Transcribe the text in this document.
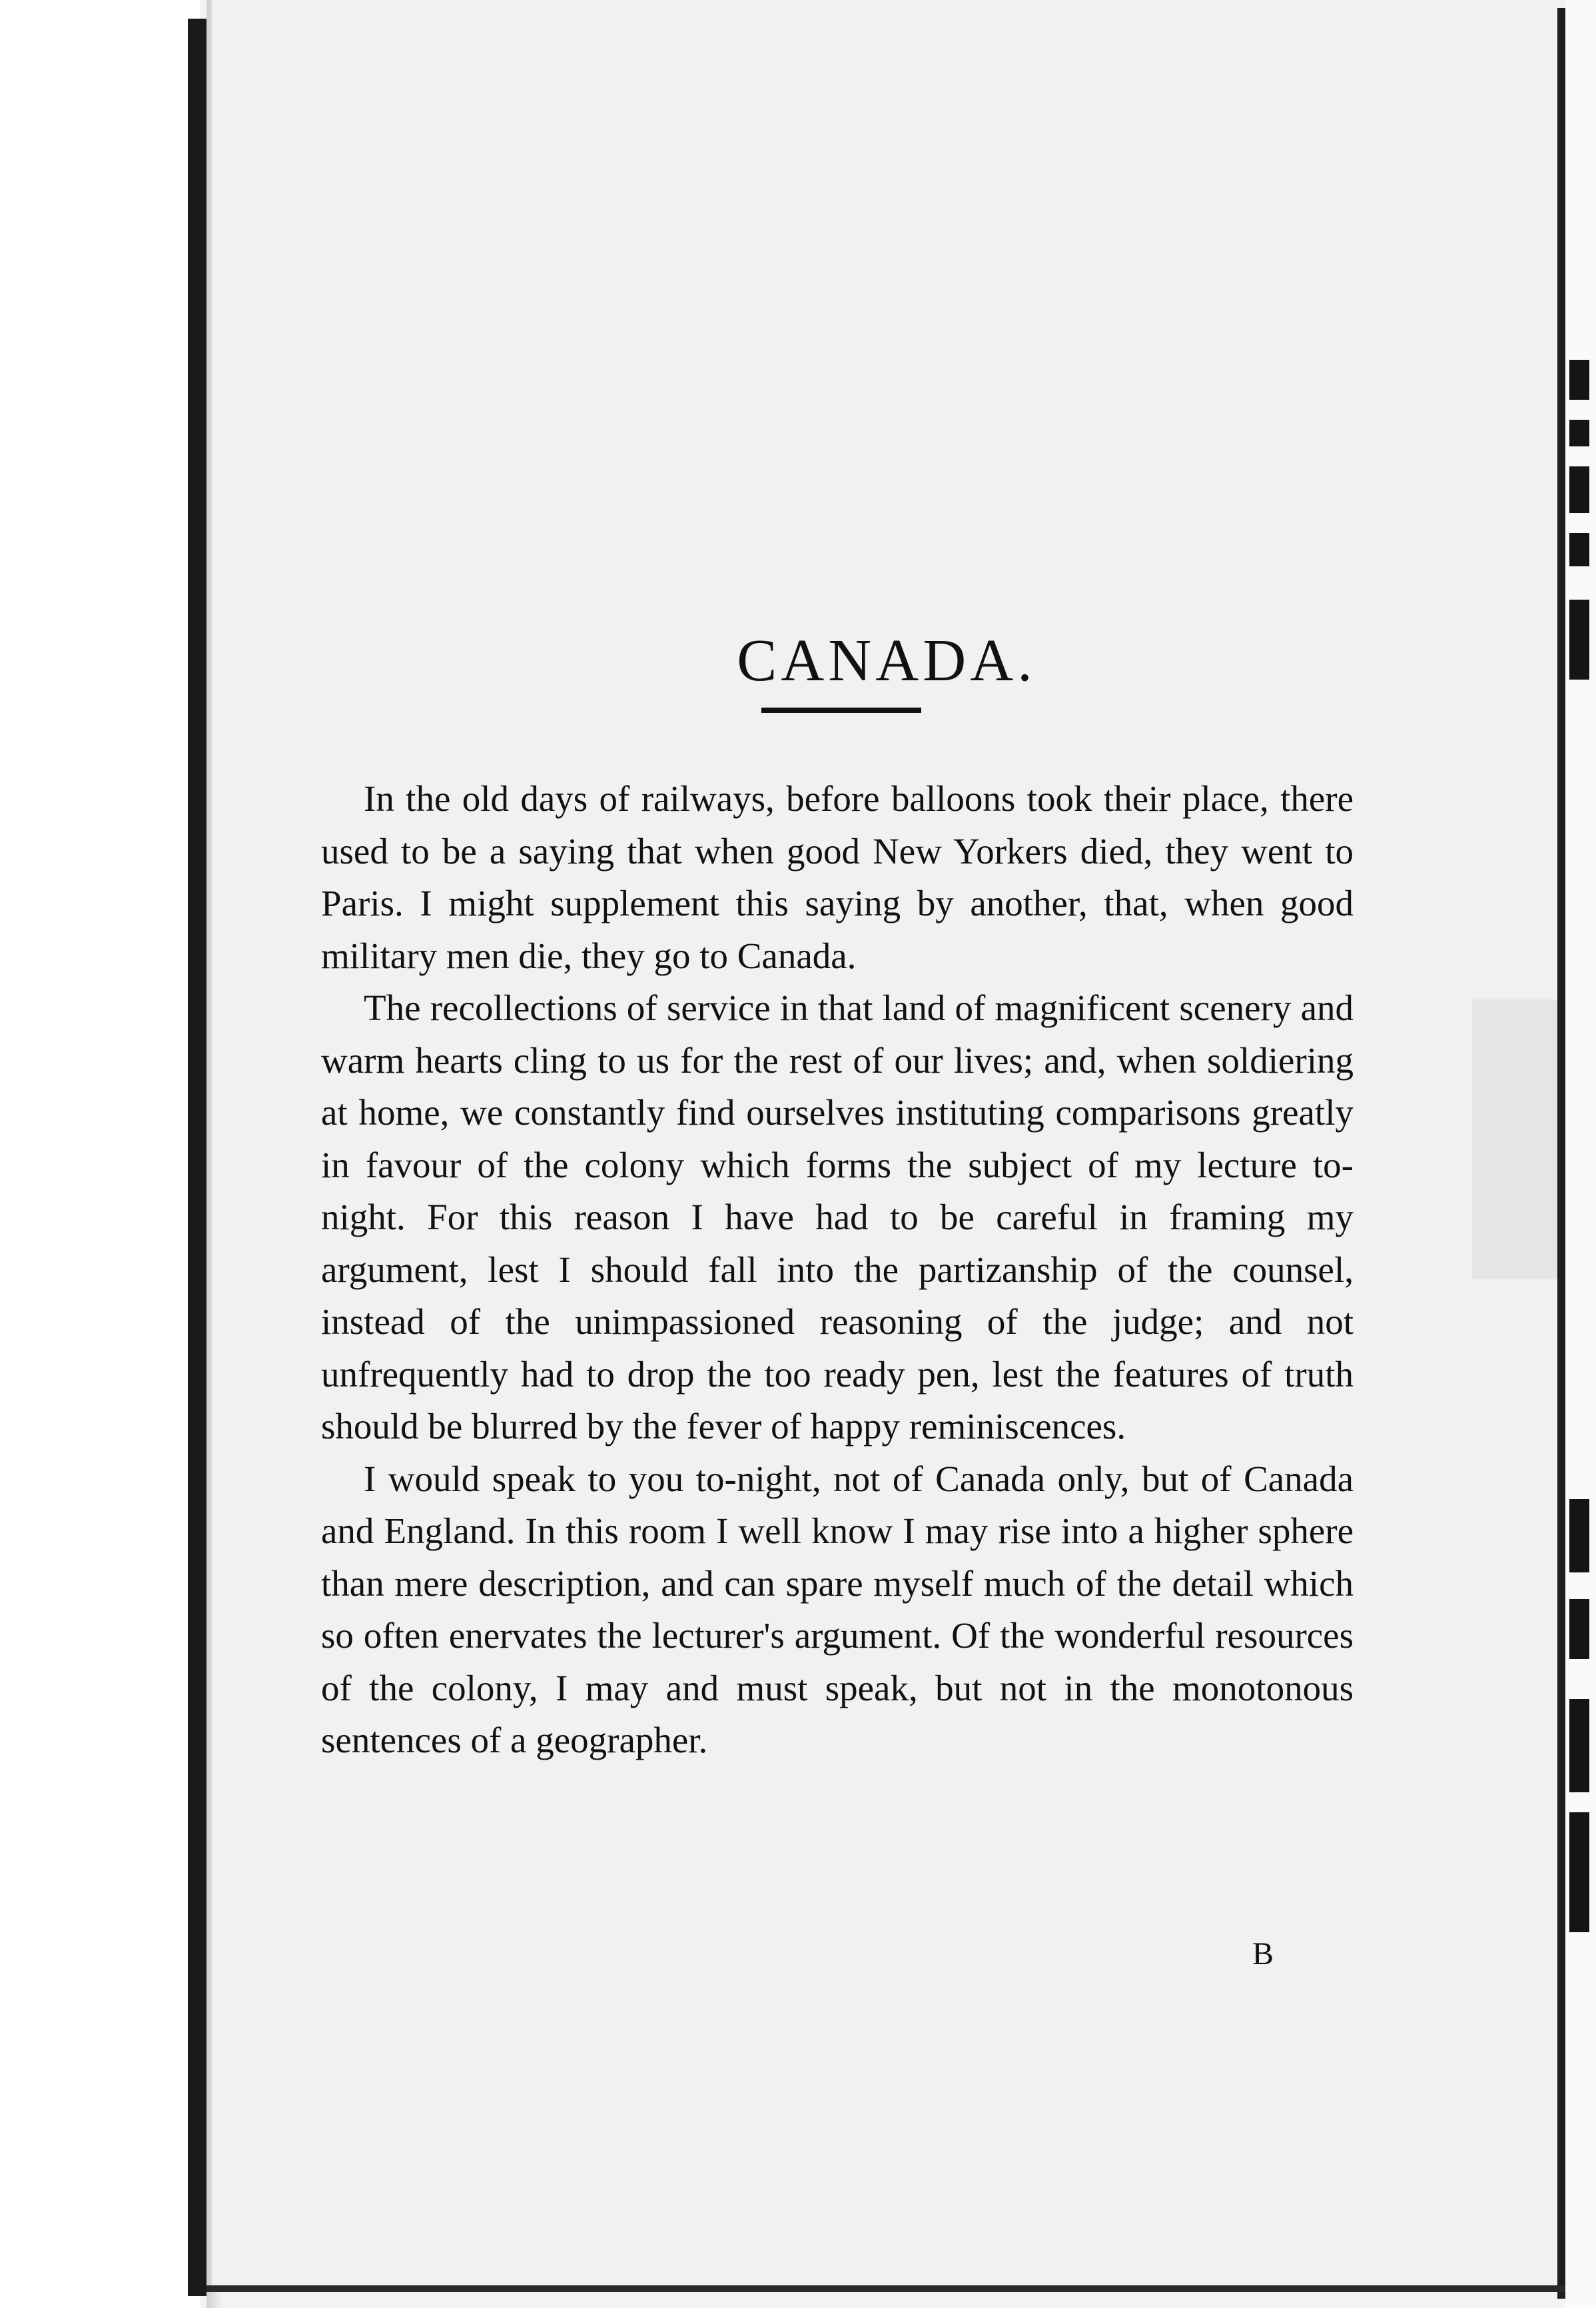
CANADA.

In the old days of railways, before balloons took their place, there used to be a saying that when good New Yorkers died, they went to Paris. I might supplement this saying by another, that, when good military men die, they go to Canada.

The recollections of service in that land of magnificent scenery and warm hearts cling to us for the rest of our lives; and, when soldiering at home, we constantly find ourselves instituting comparisons greatly in favour of the colony which forms the subject of my lecture to-night. For this reason I have had to be careful in framing my argument, lest I should fall into the partizanship of the counsel, instead of the unimpassioned reasoning of the judge; and not unfrequently had to drop the too ready pen, lest the features of truth should be blurred by the fever of happy reminiscences.

I would speak to you to-night, not of Canada only, but of Canada and England. In this room I well know I may rise into a higher sphere than mere description, and can spare myself much of the detail which so often enervates the lecturer's argument. Of the wonderful resources of the colony, I may and must speak, but not in the monotonous sentences of a geographer.

B
